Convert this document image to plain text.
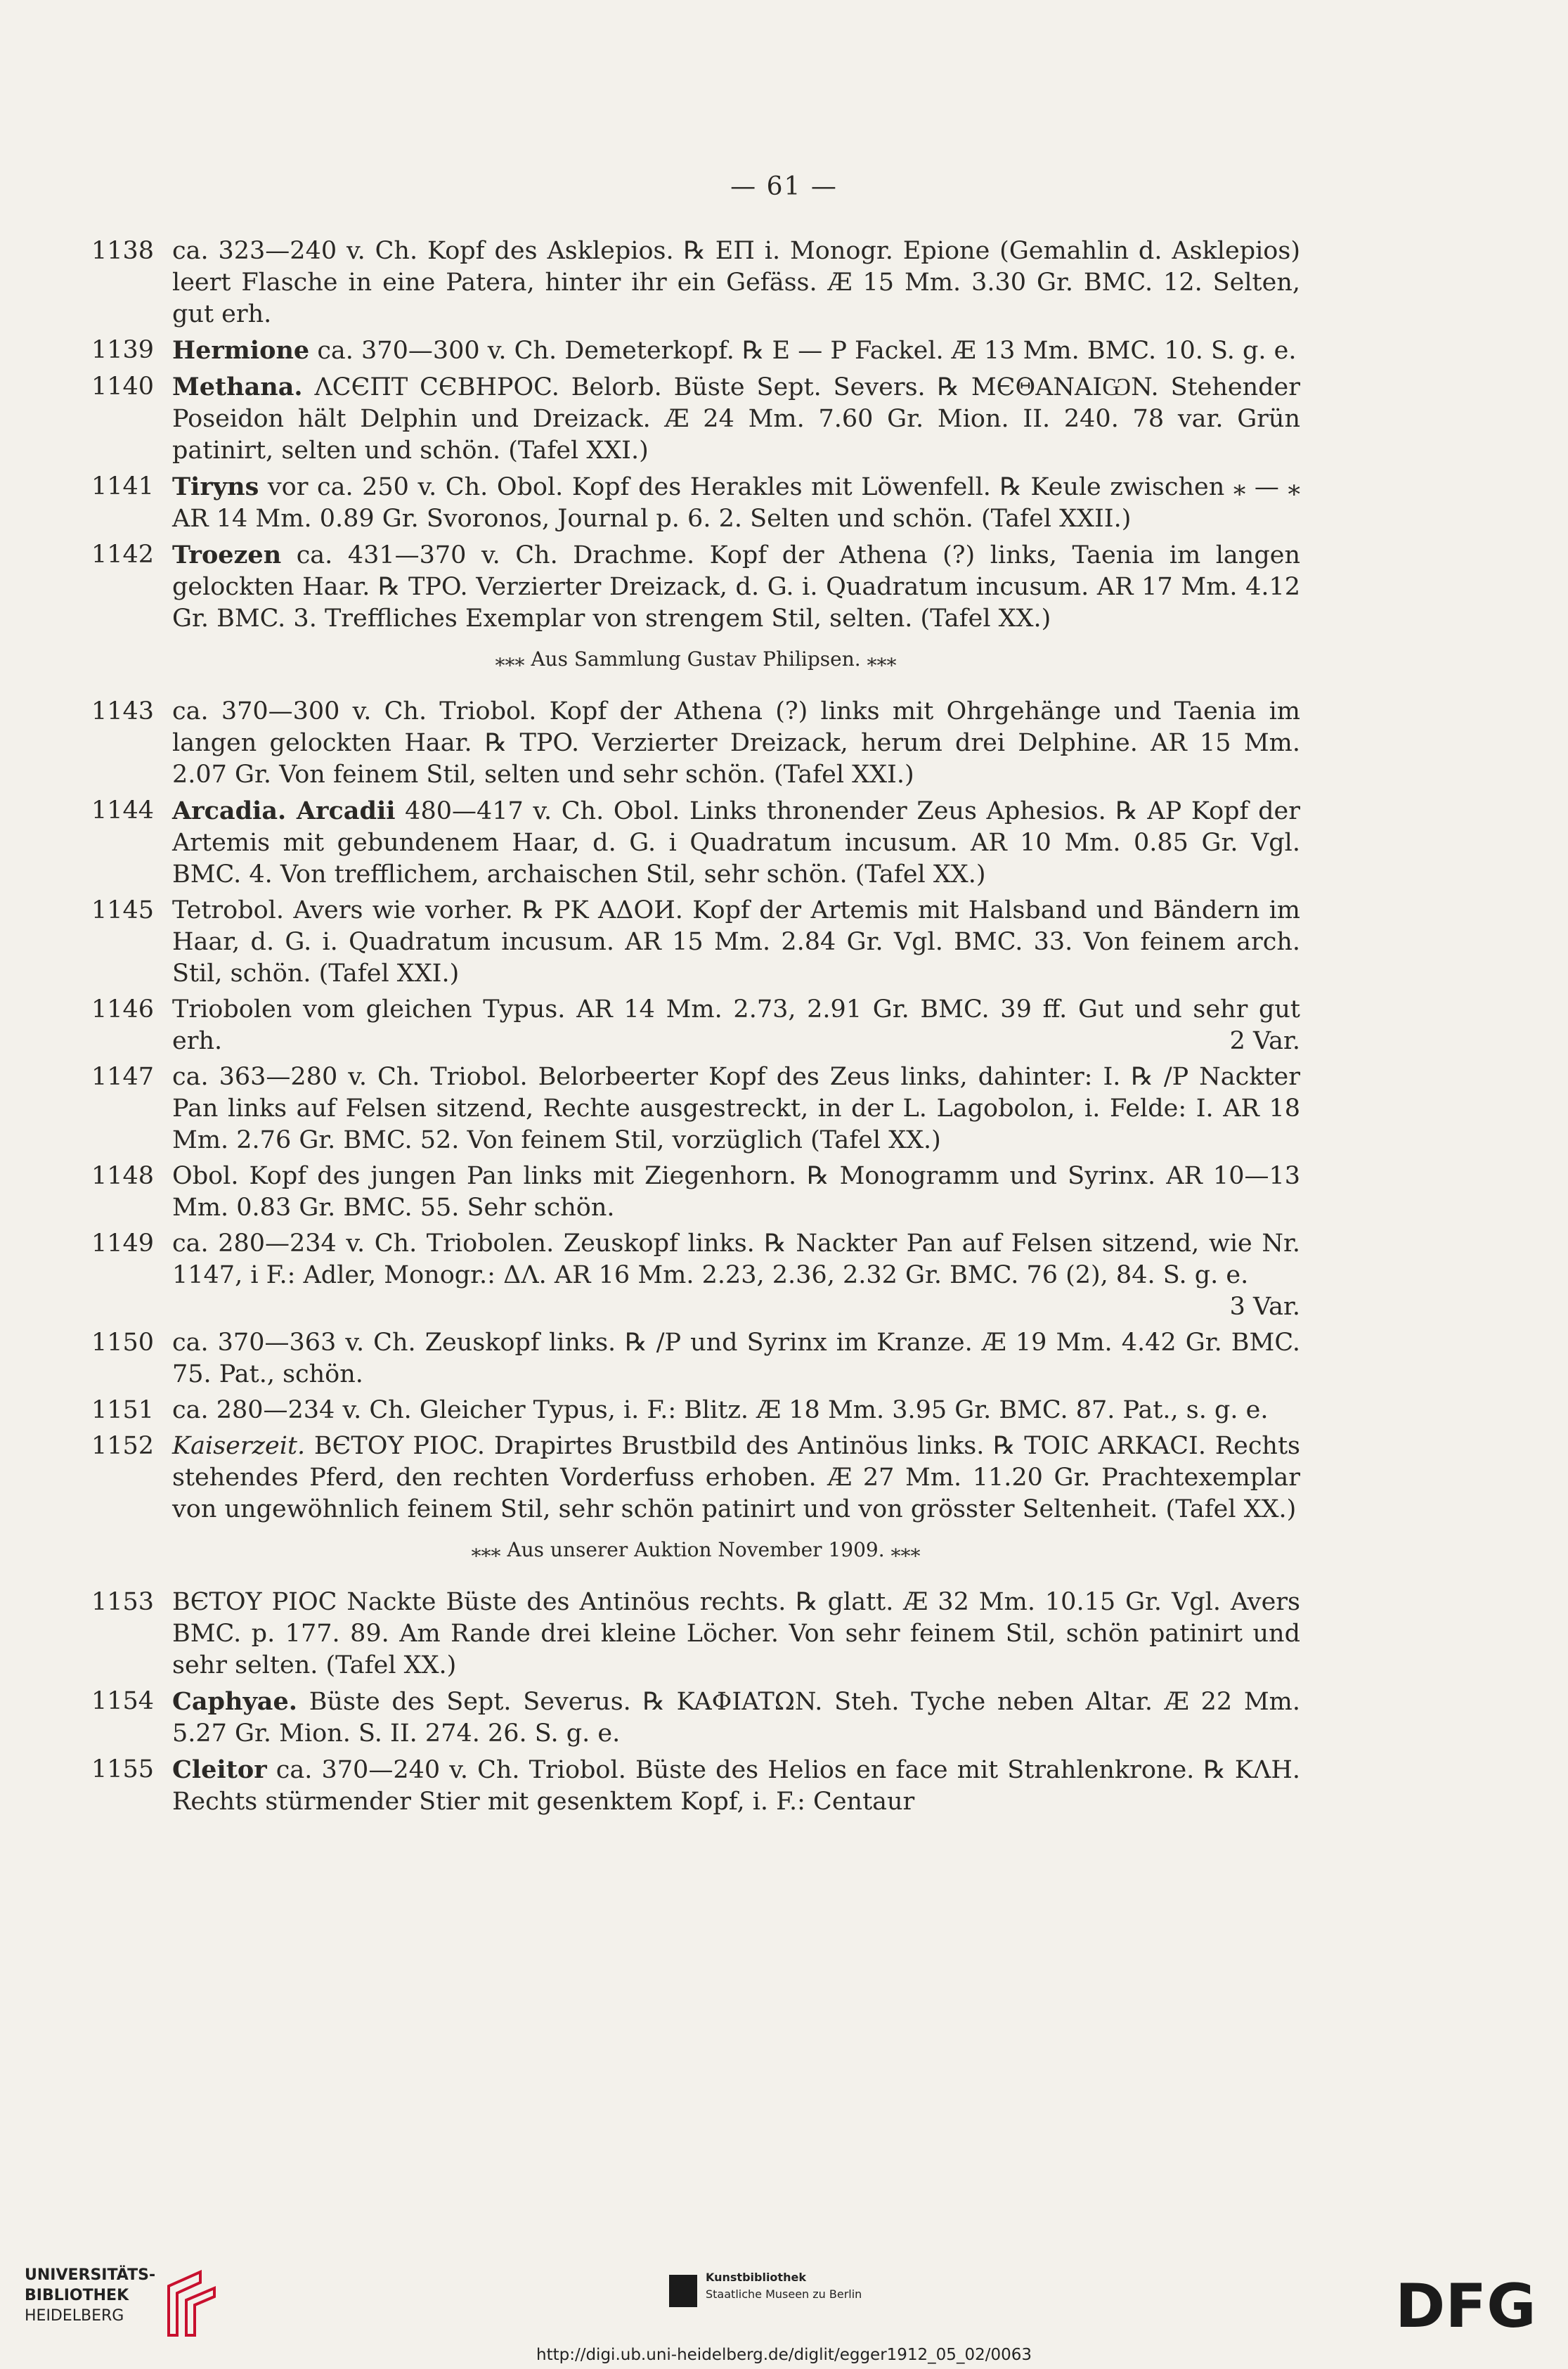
— 61 —
1138 ca. 323—240 v. Ch. Kopf des Asklepios. ℞ ЕΠ i. Monogr. Epione (Gemahlin d. Asklepios) leert Flasche in eine Patera, hinter ihr ein Gefäss. Æ 15 Mm. 3.30 Gr. BMC. 12. Selten, gut erh.
1139 Hermione ca. 370—300 v. Ch. Demeterkopf. ℞ E — P Fackel. Æ 13 Mm. BMC. 10. S. g. e.
1140 Methana. ΛCЄΠT CЄBHPOC. Belorb. Büste Sept. Severs. ℞ MЄΘANAIѠN. Stehender Poseidon hält Delphin und Dreizack. Æ 24 Mm. 7.60 Gr. Mion. II. 240. 78 var. Grün patinirt, selten und schön. (Tafel XXI.)
1141 Tiryns vor ca. 250 v. Ch. Obol. Kopf des Herakles mit Löwenfell. ℞ Keule zwischen ⁎ — ⁎ AR 14 Mm. 0.89 Gr. Svoronos, Journal p. 6. 2. Selten und schön. (Tafel XXII.)
1142 Troezen ca. 431—370 v. Ch. Drachme. Kopf der Athena (?) links, Taenia im langen gelockten Haar. ℞ TPO. Verzierter Dreizack, d. G. i. Quadratum incusum. AR 17 Mm. 4.12 Gr. BMC. 3. Treffliches Exemplar von strengem Stil, selten. (Tafel XX.)
⁎⁎⁎ Aus Sammlung Gustav Philipsen. ⁎⁎⁎
1143 ca. 370—300 v. Ch. Triobol. Kopf der Athena (?) links mit Ohrgehänge und Taenia im langen gelockten Haar. ℞ TPO. Verzierter Dreizack, herum drei Delphine. AR 15 Mm. 2.07 Gr. Von feinem Stil, selten und sehr schön. (Tafel XXI.)
1144 Arcadia. Arcadii 480—417 v. Ch. Obol. Links thronender Zeus Aphesios. ℞ AP Kopf der Artemis mit gebundenem Haar, d. G. i Quadratum incusum. AR 10 Mm. 0.85 Gr. Vgl. BMC. 4. Von trefflichem, archaischen Stil, sehr schön. (Tafel XX.)
1145 Tetrobol. Avers wie vorher. ℞ PK AΔOИ. Kopf der Artemis mit Halsband und Bändern im Haar, d. G. i. Quadratum incusum. AR 15 Mm. 2.84 Gr. Vgl. BMC. 33. Von feinem arch. Stil, schön. (Tafel XXI.)
1146 Triobolen vom gleichen Typus. AR 14 Mm. 2.73, 2.91 Gr. BMC. 39 ff. Gut und sehr gut erh.	2 Var.
1147 ca. 363—280 v. Ch. Triobol. Belorbeerter Kopf des Zeus links, dahinter: I. ℞ /P Nackter Pan links auf Felsen sitzend, Rechte ausgestreckt, in der L. Lagobolon, i. Felde: I. AR 18 Mm. 2.76 Gr. BMC. 52. Von feinem Stil, vorzüglich (Tafel XX.)
1148 Obol. Kopf des jungen Pan links mit Ziegenhorn. ℞ Monogramm und Syrinx. AR 10—13 Mm. 0.83 Gr. BMC. 55. Sehr schön.
1149 ca. 280—234 v. Ch. Triobolen. Zeuskopf links. ℞ Nackter Pan auf Felsen sitzend, wie Nr. 1147, i F.: Adler, Monogr.: ΔΛ. AR 16 Mm. 2.23, 2.36, 2.32 Gr. BMC. 76 (2), 84. S. g. e.
3 Var.
1150 ca. 370—363 v. Ch. Zeuskopf links. ℞ /P und Syrinx im Kranze. Æ 19 Mm. 4.42 Gr. BMC. 75. Pat., schön.
1151 ca. 280—234 v. Ch. Gleicher Typus, i. F.: Blitz. Æ 18 Mm. 3.95 Gr. BMC. 87. Pat., s. g. e.
1152 Kaiserzeit. BЄTOY PIOC. Drapirtes Brustbild des Antinöus links. ℞ TOIC ARKACI. Rechts stehendes Pferd, den rechten Vorderfuss erhoben. Æ 27 Mm. 11.20 Gr. Prachtexemplar von ungewöhnlich feinem Stil, sehr schön patinirt und von grösster Seltenheit. (Tafel XX.)
⁎⁎⁎ Aus unserer Auktion November 1909. ⁎⁎⁎
1153 BЄTOY PIOC Nackte Büste des Antinöus rechts. ℞ glatt. Æ 32 Mm. 10.15 Gr. Vgl. Avers BMC. p. 177. 89. Am Rande drei kleine Löcher. Von sehr feinem Stil, schön patinirt und sehr selten. (Tafel XX.)
1154 Caphyae. Büste des Sept. Severus. ℞ KAΦIATΩN. Steh. Tyche neben Altar. Æ 22 Mm. 5.27 Gr. Mion. S. II. 274. 26. S. g. e.
1155 Cleitor ca. 370—240 v. Ch. Triobol. Büste des Helios en face mit Strahlenkrone. ℞ KΛH. Rechts stürmender Stier mit gesenktem Kopf, i. F.: Centaur
UNIVERSITÄTS-
BIBLIOTHEK
HEIDELBERG
Kunstbibliothek
Staatliche Museen zu Berlin	DFG
http://digi.ub.uni-heidelberg.de/diglit/egger1912_05_02/0063
